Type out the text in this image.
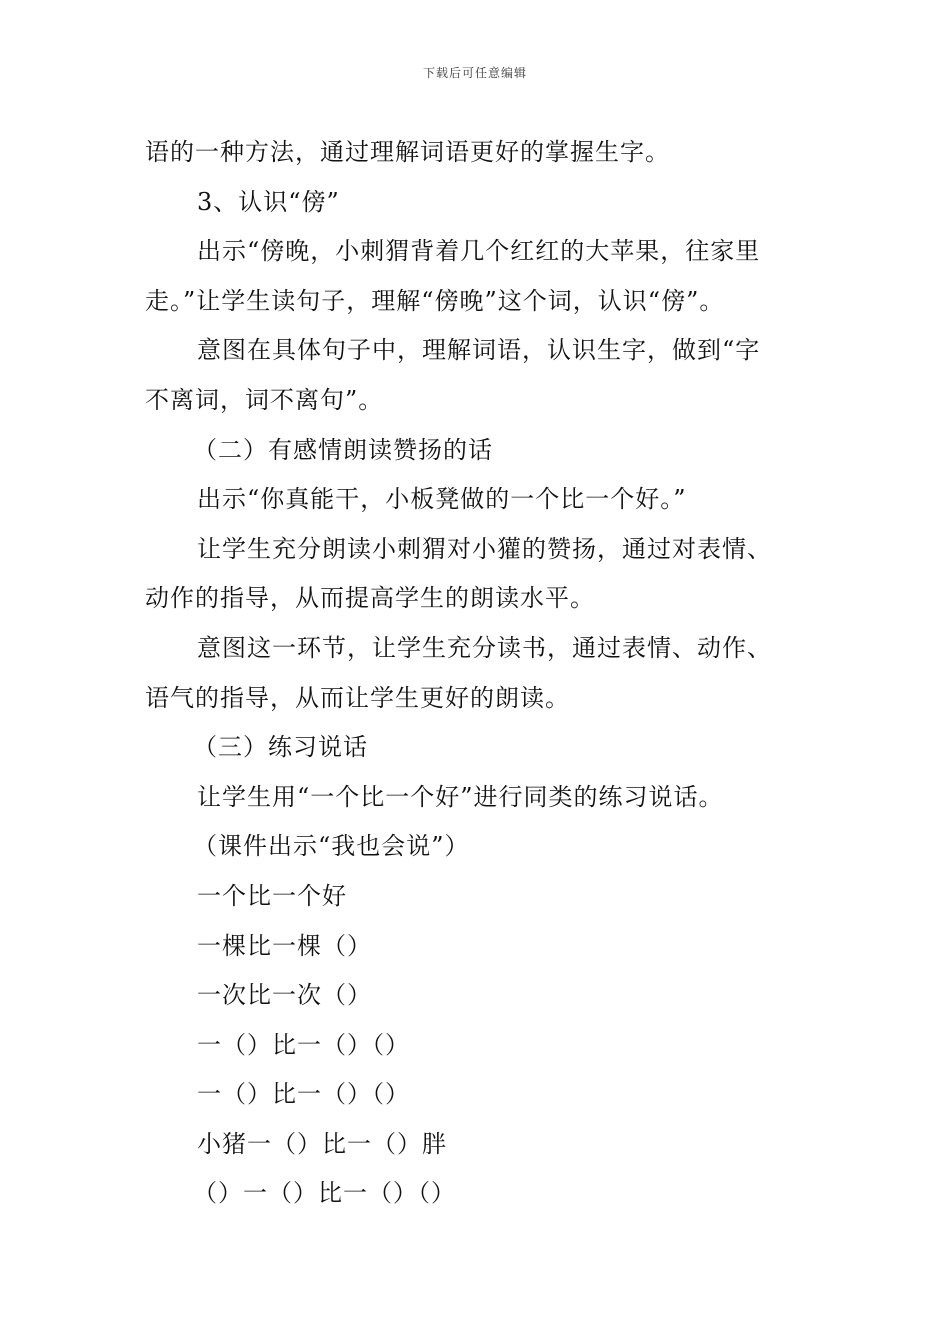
下载后可任意编辑
语的一种方法，通过理解词语更好的掌握生字。
3、认识“傍”
出示“傍晚，小刺猬背着几个红红的大苹果，往家里
走。”让学生读句子，理解“傍晚”这个词，认识“傍”。
意图在具体句子中，理解词语，认识生字，做到“字
不离词，词不离句”。
（二）有感情朗读赞扬的话
出示“你真能干，小板凳做的一个比一个好。”
让学生充分朗读小刺猬对小獾的赞扬，通过对表情、
动作的指导，从而提高学生的朗读水平。
意图这一环节，让学生充分读书，通过表情、动作、
语气的指导，从而让学生更好的朗读。
（三）练习说话
让学生用“一个比一个好”进行同类的练习说话。
（课件出示“我也会说”）
一个比一个好
一棵比一棵（）
一次比一次（）
一（）比一（）（）
一（）比一（）（）
小猪一（）比一（）胖
（）一（）比一（）（）
